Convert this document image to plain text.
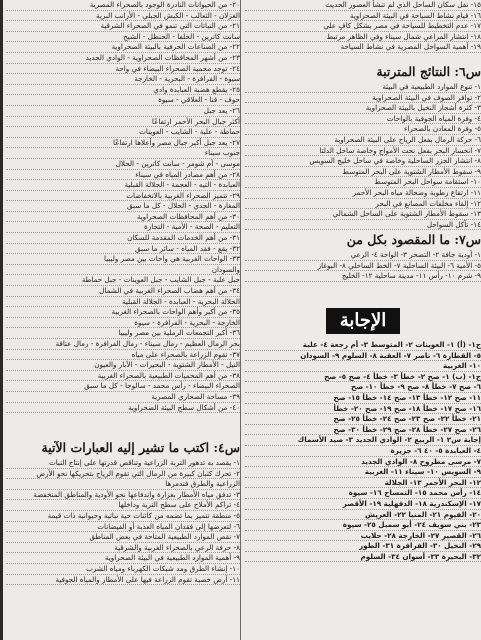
١٥- نقل سكان الساحل الذي لم تنشأ العصور الحديث
١٦- قيام نشاط السياحة في البيئة الصحراوية
١٧- عدم التخطيط للسياحة في مصر بشكل كافٍ علي
١٨- انتشار المراعي شمال سيناء وفي الظاهر مرتبط
١٩- أهمية السواحل المصرية في نشاط السياحة
س٦: النتائج المترتبة
١- تنوع الموارد الطبيعية في البيئة
٢- توافر الصوف في البيئة الصحراوية
٣- كثرة أشجار النخيل بالبيئة الصحراوية
٤- وفرة المياه الجوفية بالواحات
٥- وفرة المعادن بالصحراء
٦- حركة الرمال بفعل الرياح على البيئة الصحراوية
٧- انحسار البحر بفعل نحت الأمواج وخاصة ساحل الدلتا
٨- انتشار الجزر الساحلية وخاصة في ساحل خليج السويس
٩- سقوط الأمطار الشتوية على البحر المتوسط
١٠- استقامة سواحل البحر المتوسط
١١- ارتفاع رطوبة وضحالة مياه البحر الأحمر
١٢- إلقاء مخلفات المصانع في البحر
١٣- سقوط الأمطار الشتوية على الساحل الشمالي
١٤- تآكل السواحل
س٧: ما المقصود بكل من
١- أودية جافة ٢- التصحر ٣- الواحة ٤- الرعي
٥- الأمية ٦- البيئة الساحلية ٧- الخط الساحلي ٨- البوغاز
٩- شرم ١٠- رأس ١١- مدينة ساحلية ١٢- الخليج
الإجابة
ج١- (أ) ١- العوينات ٢- المتوسط ٣- أم رجعة ٤- علبة
٥- القطارة ٦- ناصر ٧- العقبة ٨- السلوم ٩- السودان
١٠- الغربية
ج١- (ب) ١- صح ٢- خطأ ٣- خطأ ٤- صح ٥- صح
٦- صح ٧- خطأ ٨- صح ٩- خطأ ١٠- صح
١١- صح ١٢- خطأ ١٣- صح ١٤- خطأ ١٥- صح
١٦- صح ١٧- خطأ ١٨- صح ١٩- صح ٢٠- خطأ
٢١- خطأ ٢٢- صح ٢٣- صح ٢٤- خطأ ٢٥- صح
٢٦- صح ٢٧- خطأ ٢٨- صح ٢٩- خطأ ٣٠- صح
إجابة س٢ ١- الربيع ٢- الوادي الجديد ٣- صيد الأسماك
٤- العبابدة ٥- ٤٠ ٦- جزيرة
٧- مرسى مطروح ٨- الوادي الجديد
٩- السويس ١٠- سيناء ١١- الغربية
١٢- البحر الأحمر ١٣- الجلالة
١٤- رأس محمد ١٥- التمساح ١٦- سيوة
١٧- الإسكندرية ١٨- الدقهلية ١٩- الأقصر
٢٠- الفيوم ٢١- المنيا ٢٢- العريش
٢٣- بني سويف ٢٤- أبو سمبل ٢٥- سيوة
٢٦- القصير ٢٧- الخارجة ٢٨- حلايب
٢٩- النخيل ٣٠- الفرافرة ٣١- الطور
٣٢- البحيرة ٣٣- أسوان ٣٤- السلوم
٢٠- من الحيوانات النادرة الوجود بالصحراء المصرية
الغزلان - الثعالب - الكبش الجبلي - الأرانب البرية
٢١- من النباتات التي تنمو في الصحراء الشرقية
سانت كاترين - الحلفا - الحنظل - الشيح
٢٢- من الصناعات الحرفية بالبيئة الصحراوية
٢٣- من أشهر المحافظات الصحراوية - الوادي الجديد
٢٤- توجد محمية الصحراء البيضاء في واحة
سيوة - الفرافرة - البحرية - الخارجة
٢٥- يقطع هضبة العبابدة وادي
حوف - قنا - العلاقي - سيوة
٢٦- يعد جبل
أكثر جبال البحر الأحمر ارتفاعًا
حماطة - علبة - الشايب - العوينات
٢٧- يعد جبل أكبر جبال مصر وأعلاها ارتفاعًا
جنوب سيناء
موسى - أم شومر - سانت كاترين - الحلال
٢٨- من أهم مصادر المياه في سيناء
العبابدة - التيه - العجمة - الجلالة القبلية
٢٩- تتميز الصحراء الغربية بالانخفاضات
المغارة - الجدي - الحلال - كل ما سبق
٣٠- من أهم المحافظات الصحراوية
التعليم - الصحة - الأمية - التجارة
٣١- من أهم الخدمات المقدمة للسكان
٣٢- يقع - فقد المياه - سائر ما سبق
٣٣- الواحات الغربية هي واحات بين مصر وليبيا
والسودان
جبل علبة - جبل الشايب - جبل العوينات - جبل حماطة
٣٤- من أهم هضاب الصحراء الغربية في الشمال
الحلالة البحرية - العبابدة - الجلالة القبلية
٣٥- من أكبر وأهم الواحات بالصحراء الغربية
الخارجة - البحرية - الفرافرة - سيوة
٣٦- أكبر التجمعات الرملية بين مصر وليبيا
بحر الرمال العظيم - رمال سيناء - رمال الفرافرة - رمال عتاقة
٣٧- تقوم الزراعة بالصحراء على مياه
النيل - الأمطار الشتوية - البحيرات - الآبار والعيون
٣٨- من أهم المحميات الطبيعية بالصحراء الغربية
الصحراء البيضاء - رأس محمد - سالوجا - كل ما سبق
٣٩- مساحة الصحاري المصرية
٤٠- من أشكال سطح البيئة الصحراوية
س٤: اكتب ما تشير إليه العبارات الآتية
١- يقصد به تدهور التربة الزراعية وتناقص قدرتها على إنتاج النبات
٢- تحرك كثبان كبيرة من الرمال التي تقوم الرياح بتحريكها نحو الأرض
الزراعية والطرق فتدمرها
٣- تدفق مياه الأمطار بغزارة واندفاعها نحو الأودية والمناطق المنخفضة
٤- تراكم الأملاح على سطح التربة وداخلها
٥- منطقة تتميز بما تضمه من كائنات حية نباتية وحيوانية ذات قيمة
٦- لتعرضها إلى فقدان المياه العذبة أو الفيضانات
٧- نقص الموارد الطبيعية المتاحة في بعض المناطق
٨- حرفة الرعي بالصحراء الغربية والشرقية
٩- أهمية الموارد الطبيعية في البيئة الصحراوية
١٠- إنشاء الطرق ومد شبكات الكهرباء ومياه الشرب
١١- أرض خصبة تقوم الزراعة فيها على الأمطار والمياه الجوفية
